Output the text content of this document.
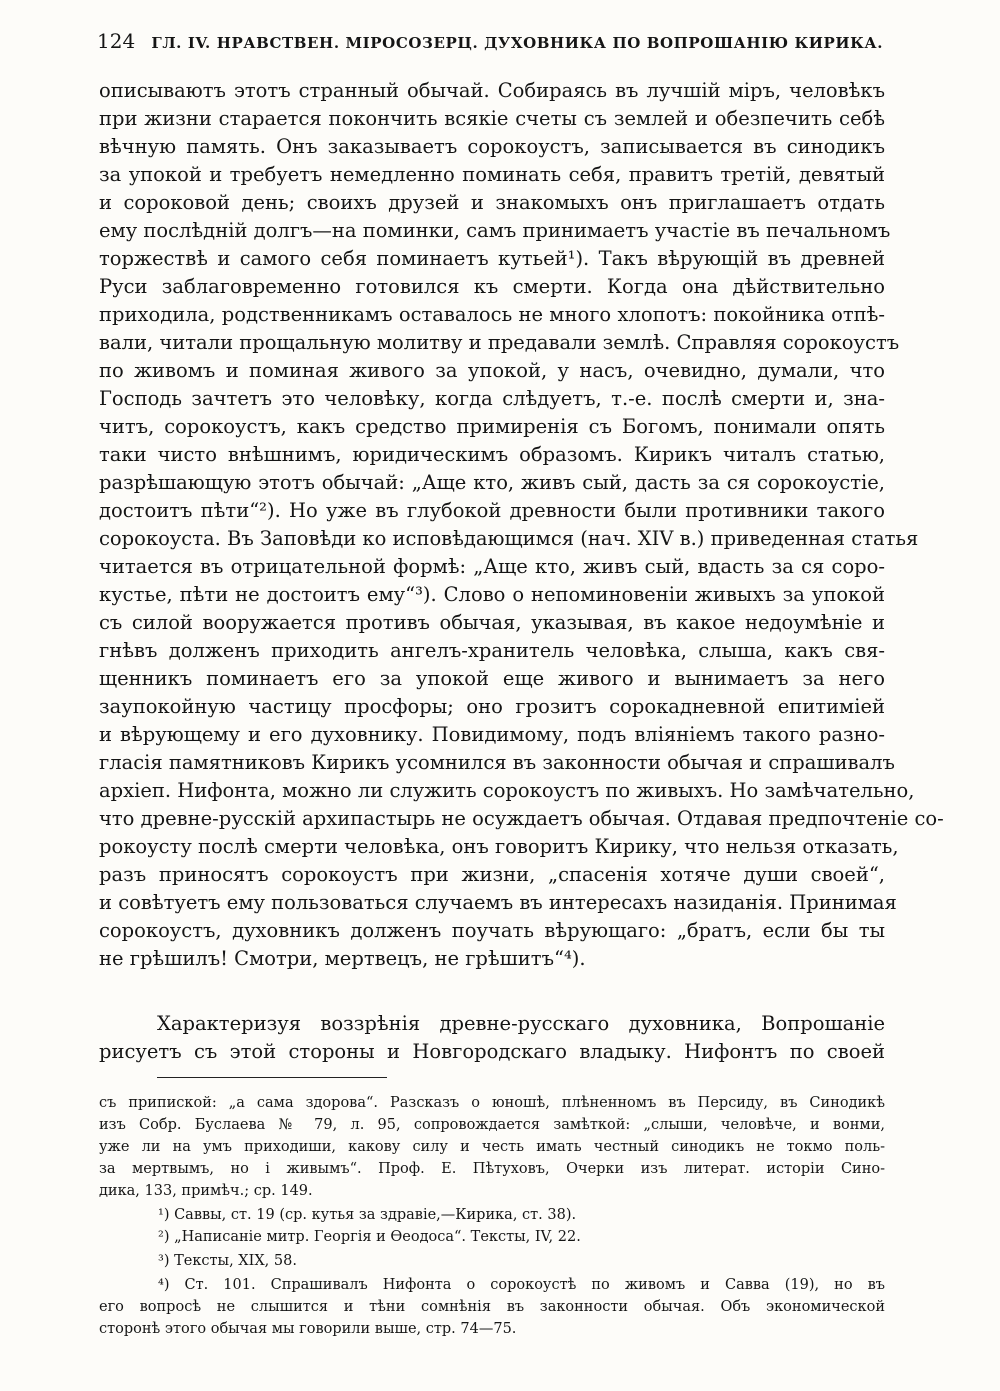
124 ГЛ. IV. НРАВСТВЕН. МІРОСОЗЕРЦ. ДУХОВНИКА ПО ВОПРОШАНІЮ КИРИКА.
описываютъ этотъ странный обычай. Собираясь въ лучшій міръ, человѣкъ
при жизни старается покончить всякіе счеты съ землей и обезпечить себѣ
вѣчную память. Онъ заказываетъ сорокоустъ, записывается въ синодикъ
за упокой и требуетъ немедленно поминать себя, правитъ третій, девятый
и сороковой день; своихъ друзей и знакомыхъ онъ приглашаетъ отдать
ему послѣдній долгъ—на поминки, самъ принимаетъ участіе въ печальномъ
торжествѣ и самого себя поминаетъ кутьей¹). Такъ вѣрующій въ древней
Руси заблаговременно готовился къ смерти. Когда она дѣйствительно
приходила, родственникамъ оставалось не много хлопотъ: покойника отпѣ-
вали, читали прощальную молитву и предавали землѣ. Справляя сорокоустъ
по живомъ и поминая живого за упокой, у насъ, очевидно, думали, что
Господь зачтетъ это человѣку, когда слѣдуетъ, т.-е. послѣ смерти и, зна-
читъ, сорокоустъ, какъ средство примиренія съ Богомъ, понимали опять
таки чисто внѣшнимъ, юридическимъ образомъ. Кирикъ читалъ статью,
разрѣшающую этотъ обычай: „Аще кто, живъ сый, дасть за ся сорокоустіе,
достоитъ пѣти“²). Но уже въ глубокой древности были противники такого
сорокоуста. Въ Заповѣди ко исповѣдающимся (нач. XIV в.) приведенная статья
читается въ отрицательной формѣ: „Аще кто, живъ сый, вдасть за ся соро-
кустье, пѣти не достоитъ ему“³). Слово о непоминовеніи живыхъ за упокой
съ силой вооружается противъ обычая, указывая, въ какое недоумѣніе и
гнѣвъ долженъ приходить ангелъ-хранитель человѣка, слыша, какъ свя-
щенникъ поминаетъ его за упокой еще живого и вынимаетъ за него
заупокойную частицу просфоры; оно грозитъ сорокадневной епитиміей
и вѣрующему и его духовнику. Повидимому, подъ вліяніемъ такого разно-
гласія памятниковъ Кирикъ усомнился въ законности обычая и спрашивалъ
архіеп. Нифонта, можно ли служить сорокоустъ по живыхъ. Но замѣчательно,
что древне-русскій архипастырь не осуждаетъ обычая. Отдавая предпочтеніе со-
рокоусту послѣ смерти человѣка, онъ говоритъ Кирику, что нельзя отказать,
разъ приносятъ сорокоустъ при жизни, „спасенія хотяче души своей“,
и совѣтуетъ ему пользоваться случаемъ въ интересахъ назиданія. Принимая
сорокоустъ, духовникъ долженъ поучать вѣрующаго: „братъ, если бы ты
не грѣшилъ! Смотри, мертвецъ, не грѣшитъ“⁴).
Характеризуя воззрѣнія древне-русскаго духовника, Вопрошаніе
рисуетъ съ этой стороны и Новгородскаго владыку. Нифонтъ по своей
съ припиской: „а сама здорова“. Разсказъ о юношѣ, плѣненномъ въ Персиду, въ Синодикѣ
изъ Собр. Буслаева № 79, л. 95, сопровождается замѣткой: „слыши, человѣче, и вонми,
уже ли на умъ приходиши, какову силу и честь имать честный синодикъ не токмо поль-
за мертвымъ, но і живымъ“. Проф. Е. Пѣтуховъ, Очерки изъ литерат. исторіи Сино-
дика, 133, примѣч.; ср. 149.
¹) Саввы, ст. 19 (ср. кутья за здравіе,—Кирика, ст. 38).
²) „Написаніе митр. Георгія и Ѳеодоса“. Тексты, IV, 22.
³) Тексты, XIX, 58.
⁴) Ст. 101. Спрашивалъ Нифонта о сорокоустѣ по живомъ и Савва (19), но въ
его вопросѣ не слышится и тѣни сомнѣнія въ законности обычая. Объ экономической
сторонѣ этого обычая мы говорили выше, стр. 74—75.
